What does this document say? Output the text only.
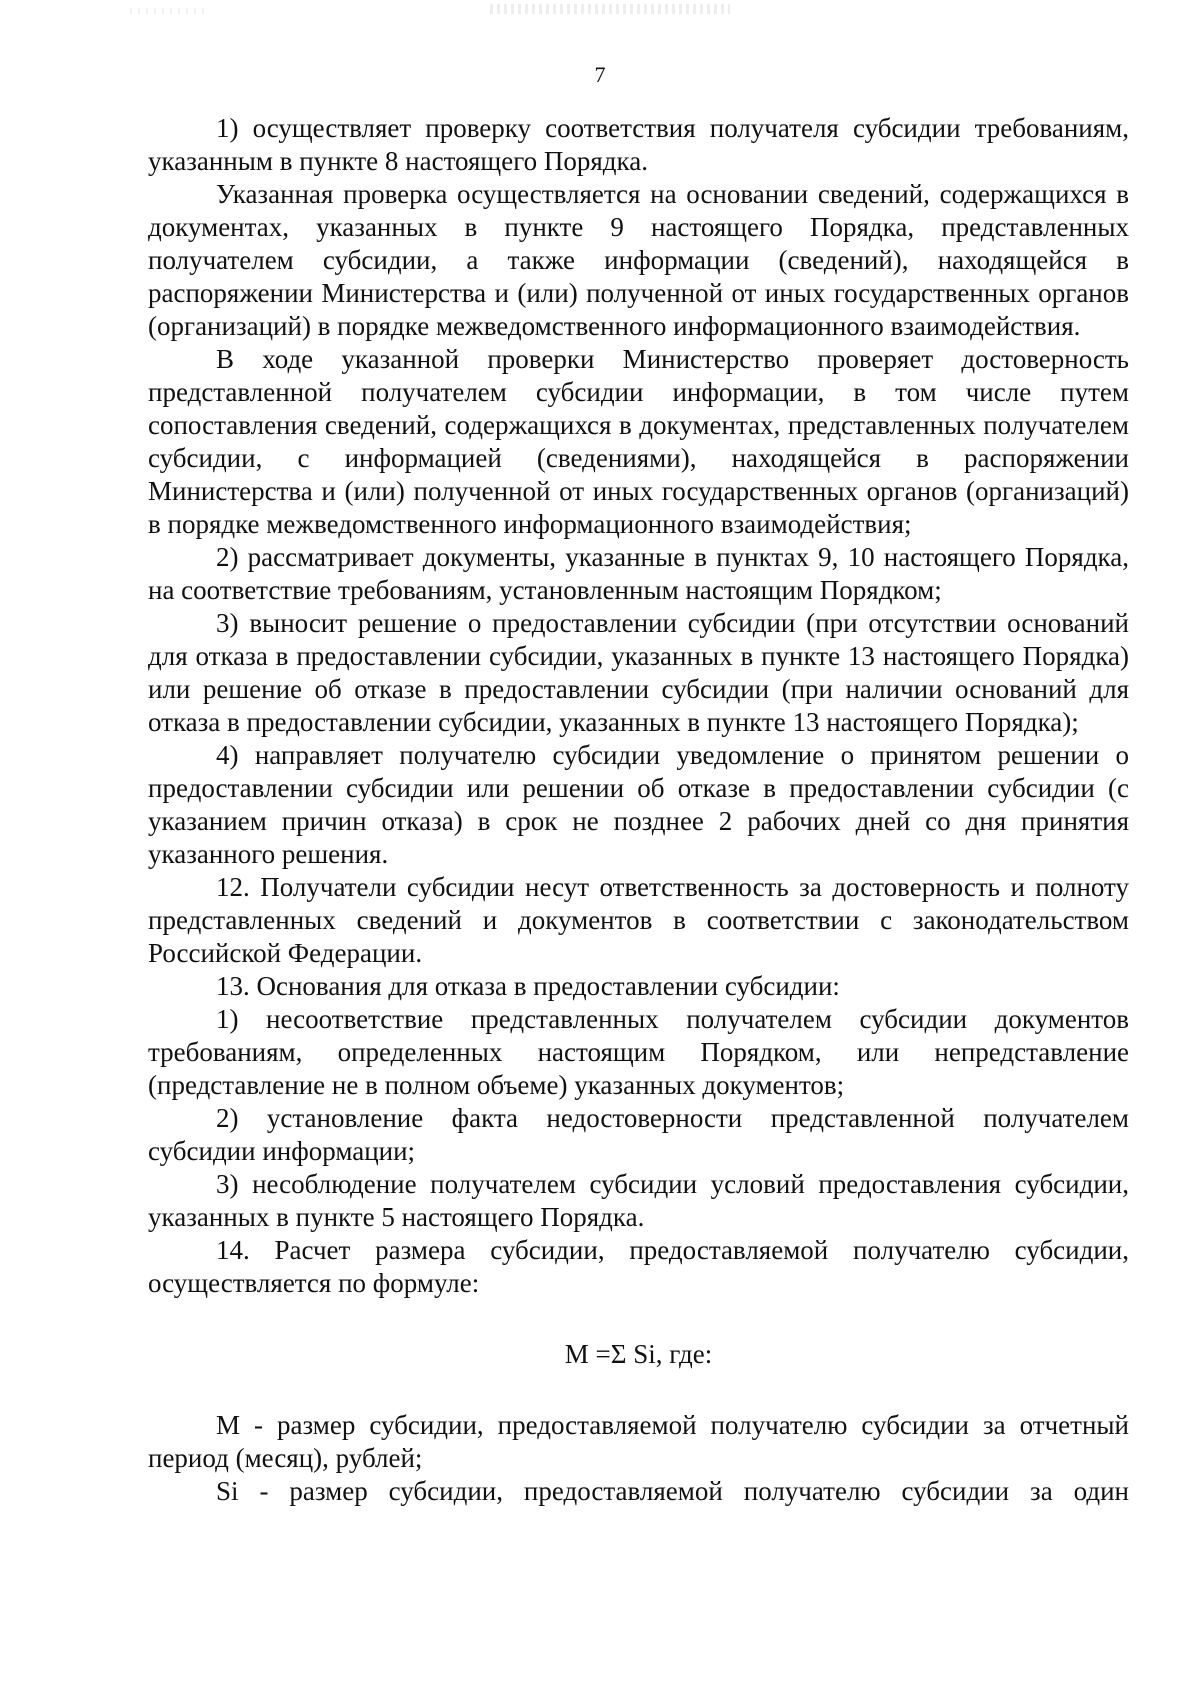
7

1) осуществляет проверку соответствия получателя субсидии требованиям, указанным в пункте 8 настоящего Порядка.

Указанная проверка осуществляется на основании сведений, содержащихся в документах, указанных в пункте 9 настоящего Порядка, представленных получателем субсидии, а также информации (сведений), находящейся в распоряжении Министерства и (или) полученной от иных государственных органов (организаций) в порядке межведомственного информационного взаимодействия.

В ходе указанной проверки Министерство проверяет достоверность представленной получателем субсидии информации, в том числе путем сопоставления сведений, содержащихся в документах, представленных получателем субсидии, с информацией (сведениями), находящейся в распоряжении Министерства и (или) полученной от иных государственных органов (организаций) в порядке межведомственного информационного взаимодействия;

2) рассматривает документы, указанные в пунктах 9, 10 настоящего Порядка, на соответствие требованиям, установленным настоящим Порядком;

3) выносит решение о предоставлении субсидии (при отсутствии оснований для отказа в предоставлении субсидии, указанных в пункте 13 настоящего Порядка) или решение об отказе в предоставлении субсидии (при наличии оснований для отказа в предоставлении субсидии, указанных в пункте 13 настоящего Порядка);

4) направляет получателю субсидии уведомление о принятом решении о предоставлении субсидии или решении об отказе в предоставлении субсидии (с указанием причин отказа) в срок не позднее 2 рабочих дней со дня принятия указанного решения.

12. Получатели субсидии несут ответственность за достоверность и полноту представленных сведений и документов в соответствии с законодательством Российской Федерации.

13. Основания для отказа в предоставлении субсидии:

1) несоответствие представленных получателем субсидии документов требованиям, определенных настоящим Порядком, или непредставление (представление не в полном объеме) указанных документов;

2) установление факта недостоверности представленной получателем субсидии информации;

3) несоблюдение получателем субсидии условий предоставления субсидии, указанных в пункте 5 настоящего Порядка.

14. Расчет размера субсидии, предоставляемой получателю субсидии, осуществляется по формуле:

M =Σ Si, где:

M - размер субсидии, предоставляемой получателю субсидии за отчетный период (месяц), рублей;

Si - размер субсидии, предоставляемой получателю субсидии за один
